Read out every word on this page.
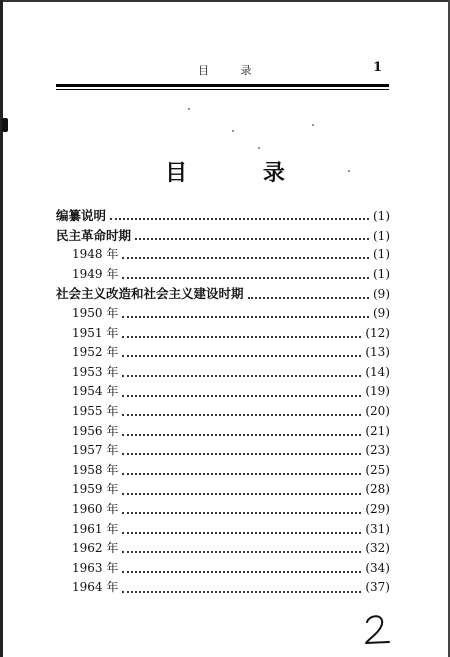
目 录	1
目 录
编纂说明	(1)
民主革命时期	(1)
1948 年	(1)
1949 年	(1)
社会主义改造和社会主义建设时期	(9)
1950 年	(9)
1951 年	(12)
1952 年	(13)
1953 年	(14)
1954 年	(19)
1955 年	(20)
1956 年	(21)
1957 年	(23)
1958 年	(25)
1959 年	(28)
1960 年	(29)
1961 年	(31)
1962 年	(32)
1963 年	(34)
1964 年	(37)
